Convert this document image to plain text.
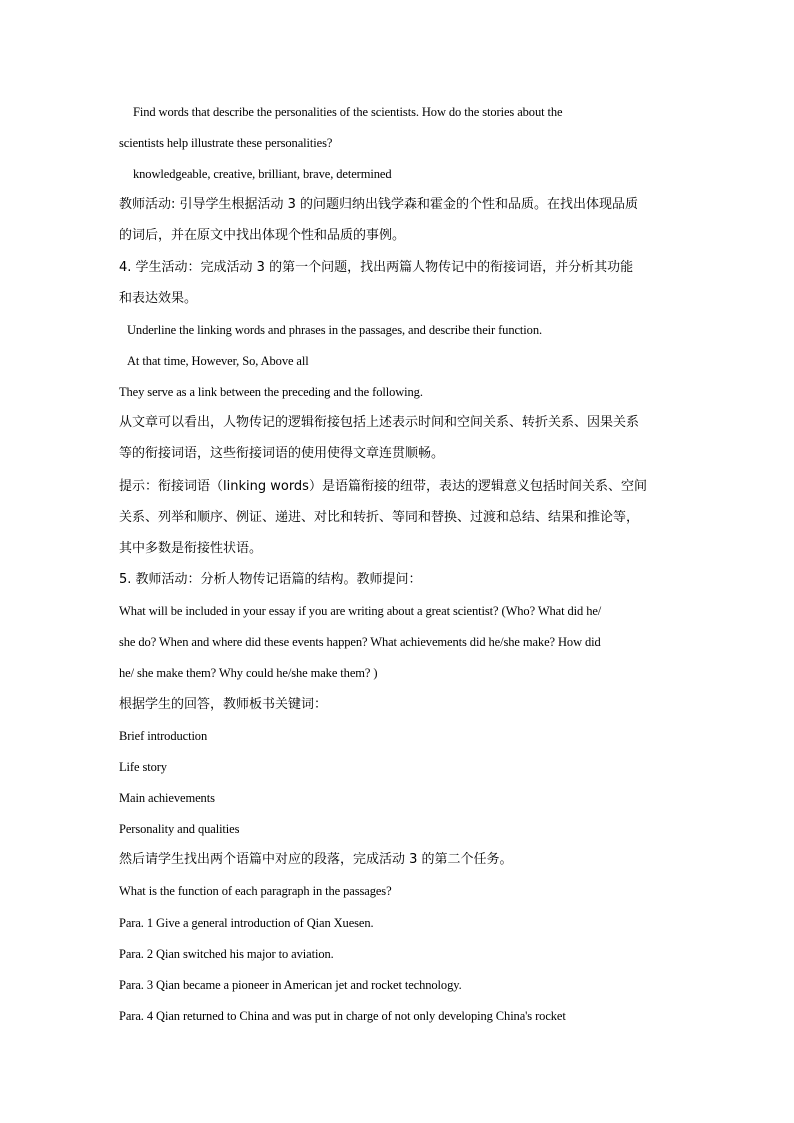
Find words that describe the personalities of the scientists. How do the stories about the
scientists help illustrate these personalities?
knowledgeable, creative, brilliant, brave, determined
教师活动: 引导学生根据活动 3 的问题归纳出钱学森和霍金的个性和品质。在找出体现品质
的词后，并在原文中找出体现个性和品质的事例。
4. 学生活动：完成活动 3 的第一个问题，找出两篇人物传记中的衔接词语，并分析其功能
和表达效果。
Underline the linking words and phrases in the passages, and describe their function.
At that time, However, So, Above all
They serve as a link between the preceding and the following.
从文章可以看出，人物传记的逻辑衔接包括上述表示时间和空间关系、转折关系、因果关系
等的衔接词语，这些衔接词语的使用使得文章连贯顺畅。
提示：衔接词语（linking words）是语篇衔接的纽带，表达的逻辑意义包括时间关系、空间
关系、列举和顺序、例证、递进、对比和转折、等同和替换、过渡和总结、结果和推论等，
其中多数是衔接性状语。
5. 教师活动：分析人物传记语篇的结构。教师提问：
What will be included in your essay if you are writing about a great scientist? (Who? What did he/
she do? When and where did these events happen? What achievements did he/she make? How did
he/ she make them? Why could he/she make them? )
根据学生的回答，教师板书关键词：
Brief introduction
Life story
Main achievements
Personality and qualities
然后请学生找出两个语篇中对应的段落，完成活动 3 的第二个任务。
What is the function of each paragraph in the passages?
Para. 1 Give a general introduction of Qian Xuesen.
Para. 2 Qian switched his major to aviation.
Para. 3 Qian became a pioneer in American jet and rocket technology.
Para. 4 Qian returned to China and was put in charge of not only developing China's rocket
